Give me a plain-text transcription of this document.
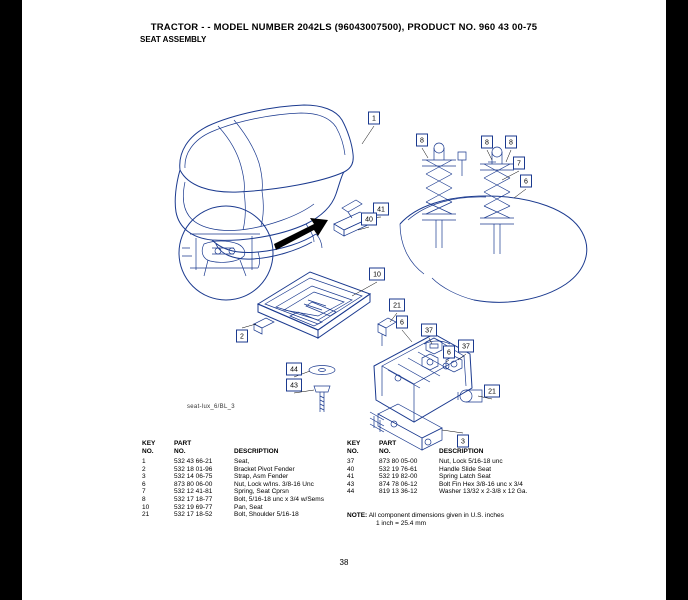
TRACTOR - - MODEL NUMBER 2042LS (96043007500), PRODUCT NO. 960 43 00-75
SEAT ASSEMBLY
1
8	8	8
7
6
41
40
10
21
6
37
6
37
44
43
21
3
2
seat-lux_6/BL_3
KEY	PART
NO.	NO.	DESCRIPTION
1	532 43 66-21	Seat,
2	532 18 01-96	Bracket Pivot Fender
3	532 14 06-75	Strap, Asm Fender
6	873 80 06-00	Nut, Lock w/Ins. 3/8-16 Unc
7	532 12 41-81	Spring, Seat Cprsn
8	532 17 18-77	Bolt, 5/16-18 unc x 3/4 w/Sems
10	532 19 69-77	Pan, Seat
21	532 17 18-52	Bolt, Shoulder 5/16-18
KEY	PART
NO.	NO.	DESCRIPTION
37	873 80 05-00	Nut, Lock 5/16-18 unc
40	532 19 76-61	Handle Slide Seat
41	532 19 82-00	Spring Latch Seat
43	874 78 06-12	Bolt Fin Hex 3/8-16 unc x 3/4
44	819 13 36-12	Washer 13/32 x 2-3/8 x 12 Ga.
NOTE: All component dimensions given in U.S. inches
1 inch = 25.4 mm
38
